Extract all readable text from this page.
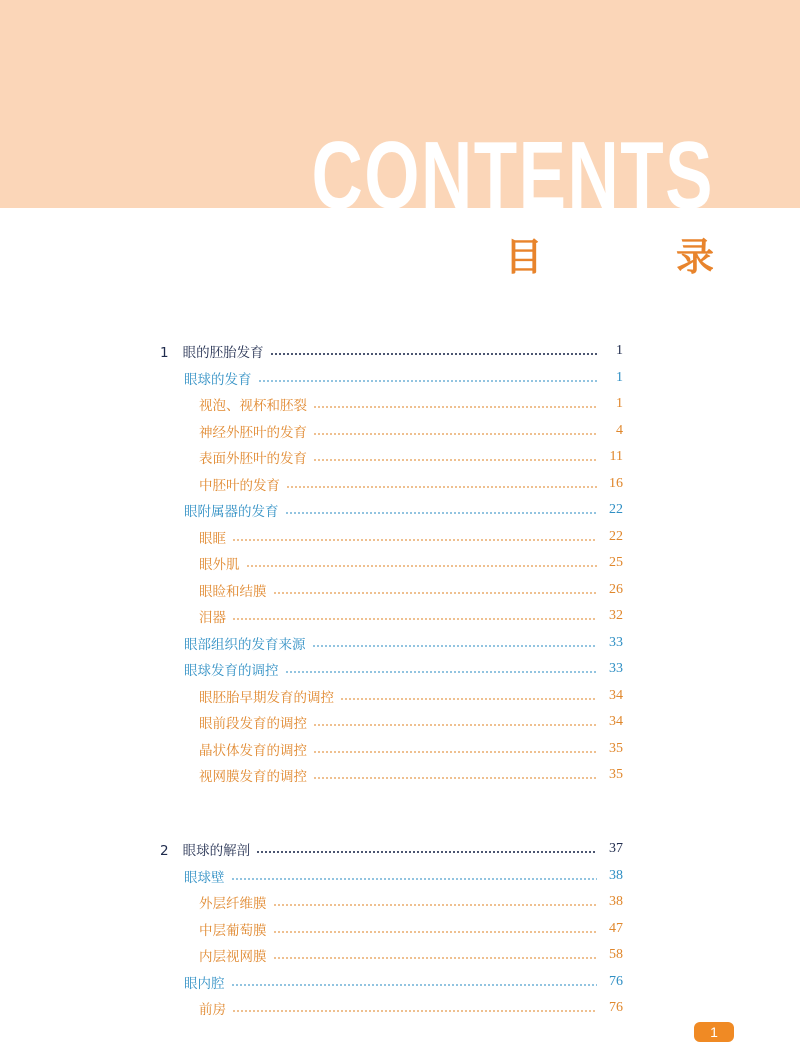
CONTENTS
目 录
1 眼的胚胎发育	1
眼球的发育	1
视泡、视杯和胚裂	1
神经外胚叶的发育	4
表面外胚叶的发育	11
中胚叶的发育	16
眼附属器的发育	22
眼眶	22
眼外肌	25
眼睑和结膜	26
泪器	32
眼部组织的发育来源	33
眼球发育的调控	33
眼胚胎早期发育的调控	34
眼前段发育的调控	34
晶状体发育的调控	35
视网膜发育的调控	35
2 眼球的解剖	37
眼球壁	38
外层纤维膜	38
中层葡萄膜	47
内层视网膜	58
眼内腔	76
前房	76
1
